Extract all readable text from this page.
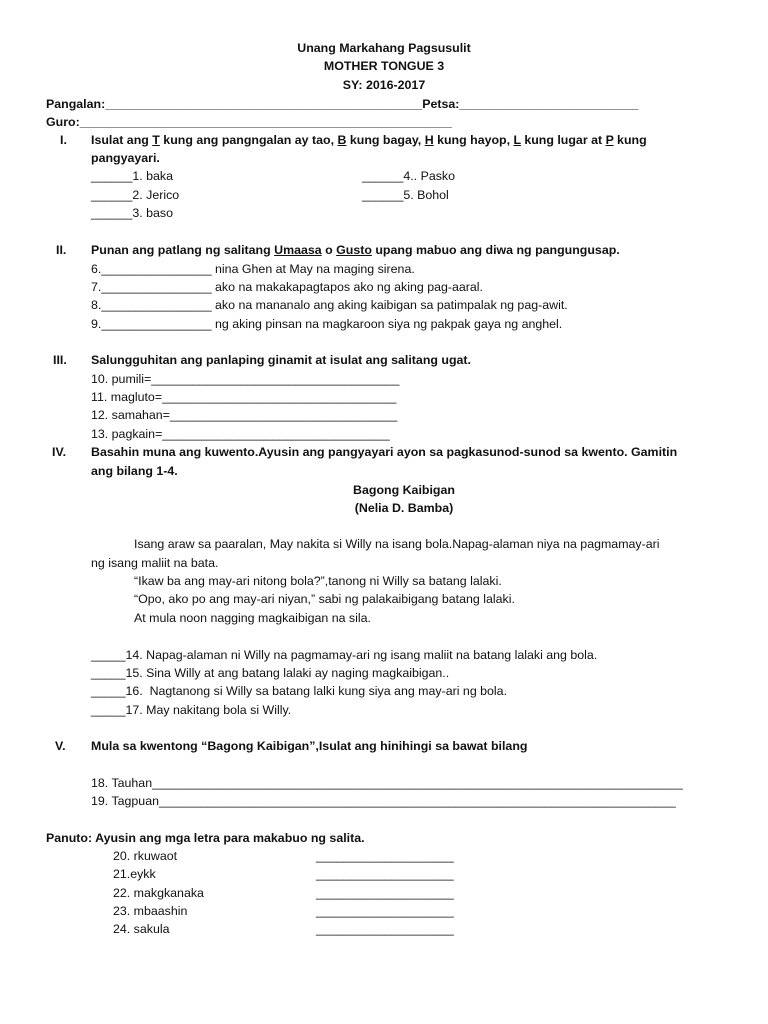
Unang Markahang Pagsusulit
MOTHER TONGUE 3
SY: 2016-2017
Pangalan:______________________________________________Petsa:__________________________
Guro:______________________________________________________
I. Isulat ang T kung ang pangngalan ay tao, B kung bagay, H kung hayop, L kung lugar at P kung
pangyayari.
______1. baka
______2. Jerico
______3. baso
______4.. Pasko
______5. Bohol
II. Punan ang patlang ng salitang Umaasa o Gusto upang mabuo ang diwa ng pangungusap.
6.________________ nina Ghen at May na maging sirena.
7.________________ ako na makakapagtapos ako ng aking pag-aaral.
8.________________ ako na mananalo ang aking kaibigan sa patimpalak ng pag-awit.
9.________________ ng aking pinsan na magkaroon siya ng pakpak gaya ng anghel.
III. Salungguhitan ang panlaping ginamit at isulat ang salitang ugat.
10. pumili=____________________________________
11. magluto=__________________________________
12. samahan=_________________________________
13. pagkain=_________________________________
IV. Basahin muna ang kuwento.Ayusin ang pangyayari ayon sa pagkasunod-sunod sa kwento. Gamitin
ang bilang 1-4.
Bagong Kaibigan
(Nelia D. Bamba)
Isang araw sa paaralan, May nakita si Willy na isang bola.Napag-alaman niya na pagmamay-ari
ng isang maliit na bata.
“Ikaw ba ang may-ari nitong bola?”,tanong ni Willy sa batang lalaki.
“Opo, ako po ang may-ari niyan,” sabi ng palakaibigang batang lalaki.
At mula noon nagging magkaibigan na sila.
_____14. Napag-alaman ni Willy na pagmamay-ari ng isang maliit na batang lalaki ang bola.
_____15. Sina Willy at ang batang lalaki ay naging magkaibigan..
_____16.  Nagtanong si Willy sa batang lalki kung siya ang may-ari ng bola.
_____17. May nakitang bola si Willy.
V. Mula sa kwentong “Bagong Kaibigan”,Isulat ang hinihingi sa bawat bilang
18. Tauhan_____________________________________________________________________________
19. Tagpuan___________________________________________________________________________
Panuto: Ayusin ang mga letra para makabuo ng salita.
20. rkuwaot	____________________
21.eykk	____________________
22. makgkanaka	____________________
23. mbaashin	____________________
24. sakula	____________________
